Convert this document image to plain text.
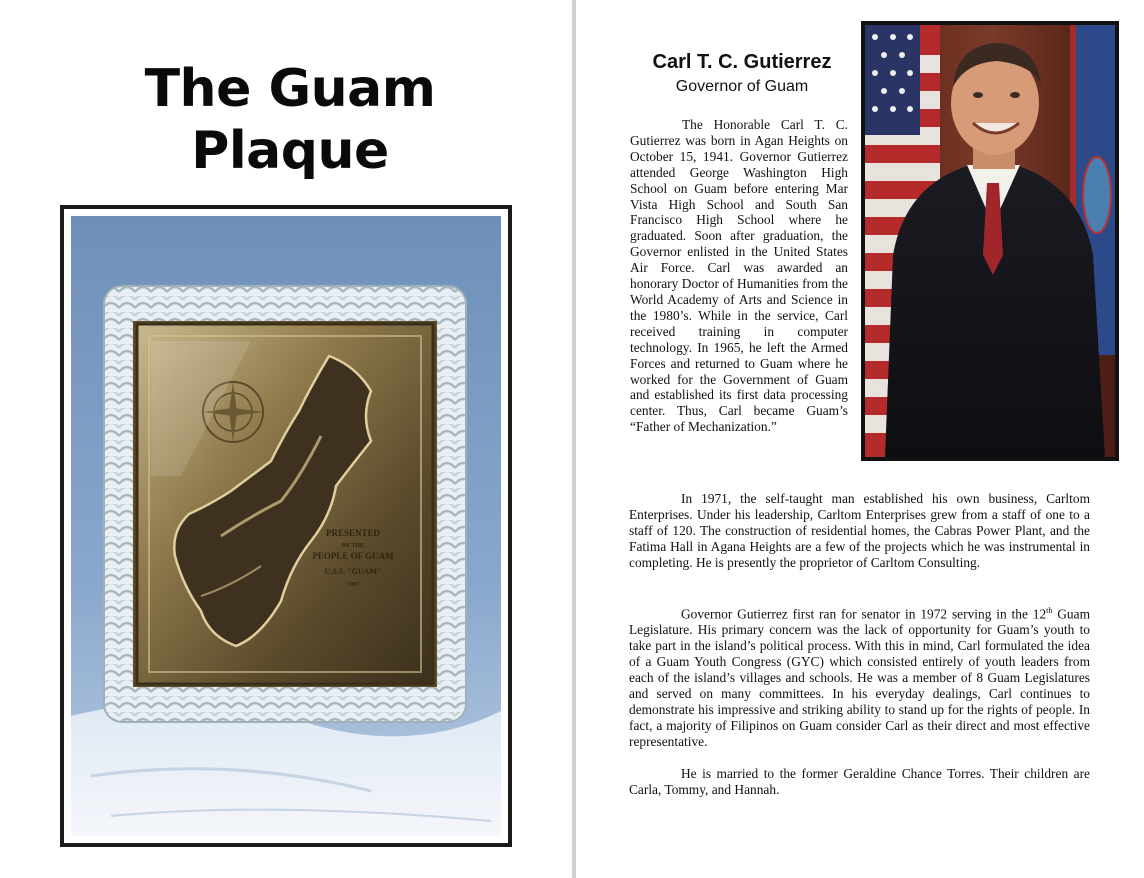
The Guam
Plaque
PRESENTED
BY THE
PEOPLE OF GUAM
U.S.S. "GUAM"
1967
Carl T. C. Gutierrez
Governor of Guam
The Honorable Carl T. C. Gutierrez was born in Agan Heights on October 15, 1941. Governor Gutierrez attended George Washington High School on Guam before entering Mar Vista High School and South San Francisco High School where he graduated. Soon after graduation, the Governor enlisted in the United States Air Force. Carl was awarded an honorary Doctor of Humanities from the World Academy of Arts and Science in the 1980’s. While in the service, Carl received training in computer technology. In 1965, he left the Armed Forces and returned to Guam where he worked for the Government of Guam and established its first data processing center. Thus, Carl became Guam’s “Father of Mechanization.”

In 1971, the self-taught man established his own business, Carltom Enterprises. Under his leadership, Carltom Enterprises grew from a staff of one to a staff of 120. The construction of residential homes, the Cabras Power Plant, and the Fatima Hall in Agana Heights are a few of the projects which he was instrumental in completing. He is presently the proprietor of Carltom Consulting.

Governor Gutierrez first ran for senator in 1972 serving in the 12th Guam Legislature. His primary concern was the lack of opportunity for Guam’s youth to take part in the island’s political process. With this in mind, Carl formulated the idea of a Guam Youth Congress (GYC) which consisted entirely of youth leaders from each of the island’s villages and schools. He was a member of 8 Guam Legislatures and served on many committees. In his everyday dealings, Carl continues to demonstrate his impressive and striking ability to stand up for the rights of people. In fact, a majority of Filipinos on Guam consider Carl as their direct and most effective representative.

He is married to the former Geraldine Chance Torres. Their children are Carla, Tommy, and Hannah.
